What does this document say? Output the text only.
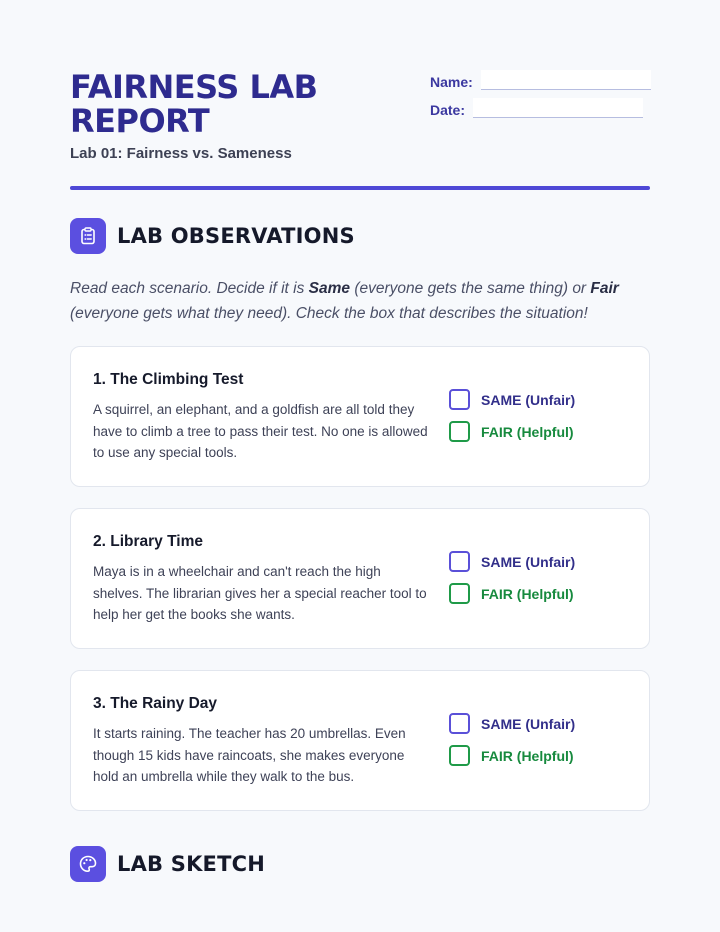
FAIRNESS LAB REPORT
Lab 01: Fairness vs. Sameness
Name:
Date:
LAB OBSERVATIONS

Read each scenario. Decide if it is Same (everyone gets the same thing) or Fair (everyone gets what they need). Check the box that describes the situation!

1. The Climbing Test
A squirrel, an elephant, and a goldfish are all told they have to climb a tree to pass their test. No one is allowed to use any special tools.
SAME (Unfair)
FAIR (Helpful)
2. Library Time
Maya is in a wheelchair and can't reach the high shelves. The librarian gives her a special reacher tool to help her get the books she wants.
SAME (Unfair)
FAIR (Helpful)
3. The Rainy Day
It starts raining. The teacher has 20 umbrellas. Even though 15 kids have raincoats, she makes everyone hold an umbrella while they walk to the bus.
SAME (Unfair)
FAIR (Helpful)
LAB SKETCH
